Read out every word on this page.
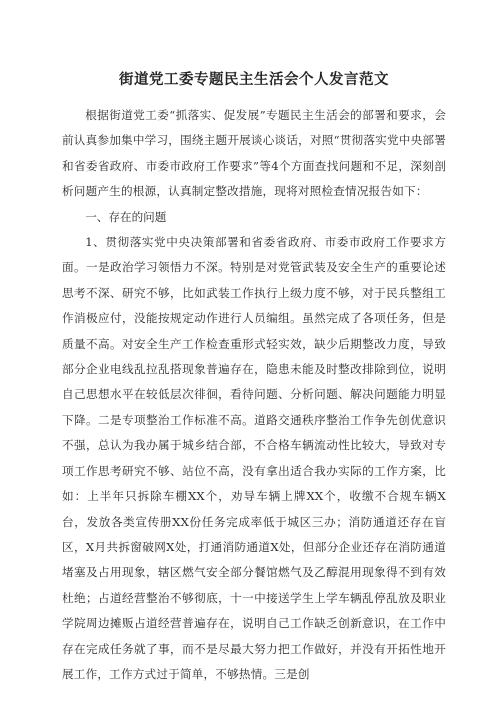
街道党工委专题民主生活会个人发言范文

根据街道党工委“抓落实、促发展”专题民主生活会的部署和要求，会前认真参加集中学习，围绕主题开展谈心谈话，对照“贯彻落实党中央部署和省委省政府、市委市政府工作要求”等4个方面查找问题和不足，深刻剖析问题产生的根源，认真制定整改措施，现将对照检查情况报告如下：

一、存在的问题

1、贯彻落实党中央决策部署和省委省政府、市委市政府工作要求方面。一是政治学习领悟力不深。特别是对党管武装及安全生产的重要论述思考不深、研究不够，比如武装工作执行上级力度不够，对于民兵整组工作消极应付，没能按规定动作进行人员编组。虽然完成了各项任务，但是质量不高。对安全生产工作检查重形式轻实效，缺少后期整改力度，导致部分企业电线乱拉乱搭现象普遍存在，隐患未能及时整改排除到位，说明自己思想水平在较低层次徘徊，看待问题、分析问题、解决问题能力明显下降。二是专项整治工作标准不高。道路交通秩序整治工作争先创优意识不强，总认为我办属于城乡结合部，不合格车辆流动性比较大，导致对专项工作思考研究不够、站位不高，没有拿出适合我办实际的工作方案，比如：上半年只拆除车棚XX个，劝导车辆上牌XX个，收缴不合规车辆X台，发放各类宣传册XX份任务完成率低于城区三办；消防通道还存在盲区，X月共拆窗破网X处，打通消防通道X处，但部分企业还存在消防通道堵塞及占用现象，辖区燃气安全部分餐馆燃气及乙醇混用现象得不到有效杜绝；占道经营整治不够彻底，十一中接送学生上学车辆乱停乱放及职业学院周边摊贩占道经营普遍存在，说明自己工作缺乏创新意识，在工作中存在完成任务就了事，而不是尽最大努力把工作做好，并没有开拓性地开展工作，工作方式过于简单，不够热情。三是创
